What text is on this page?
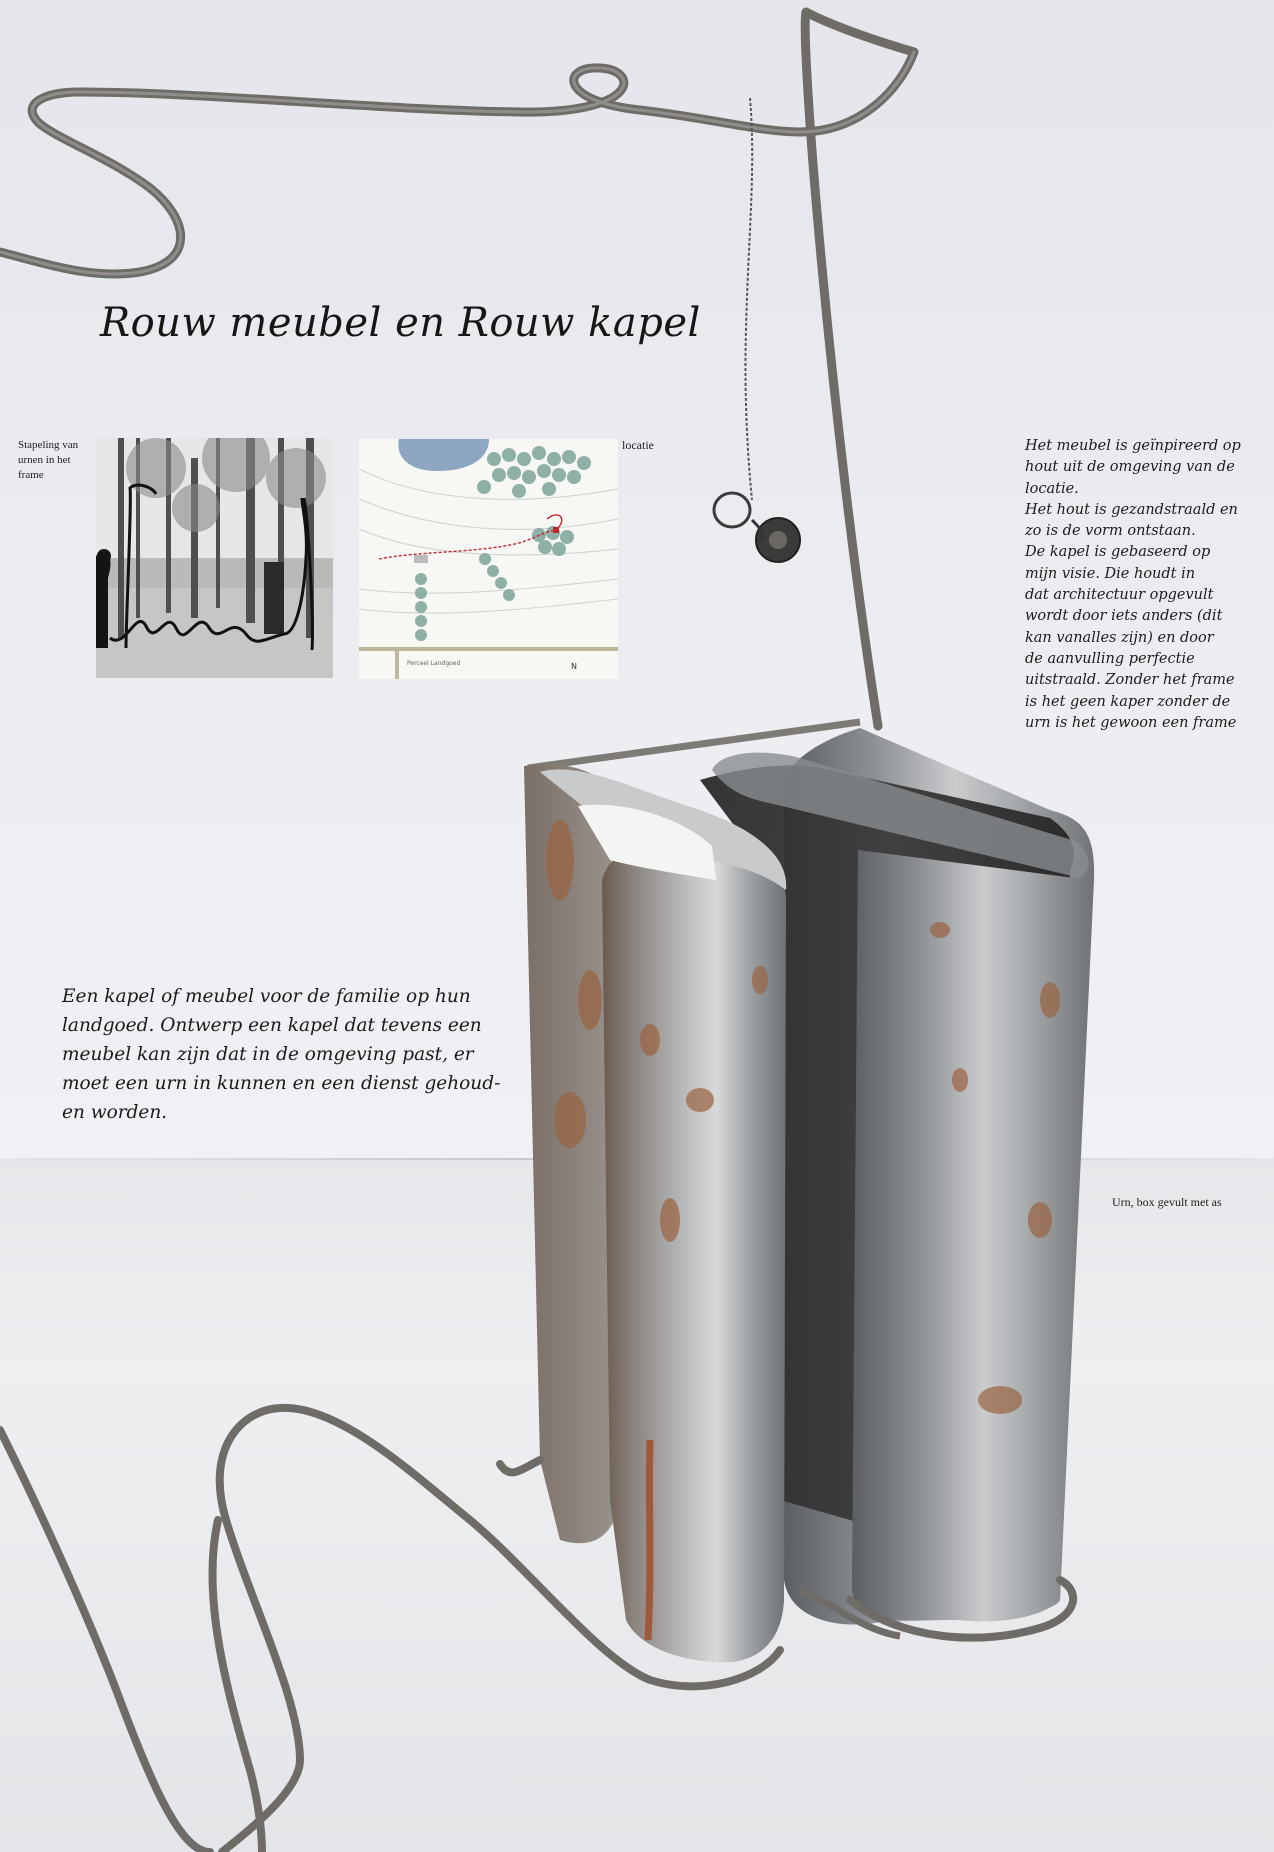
Rouw meubel en Rouw kapel
Stapeling van urnen in het frame
Perceel Landgoed	N
locatie	Het meubel is geïnpireerd op
hout uit de omgeving van de
locatie.
Het hout is gezandstraald en
zo is de vorm ontstaan.
De kapel is gebaseerd op
mijn visie. Die houdt in
dat architectuur opgevult
wordt door iets anders (dit
kan vanalles zijn) en door
de aanvulling perfectie
uitstraald. Zonder het frame
is het geen kaper zonder de
urn is het gewoon een frame
Een kapel of meubel voor de familie op hun
landgoed. Ontwerp een kapel dat tevens een
meubel kan zijn dat in de omgeving past, er
moet een urn in kunnen en een dienst gehoud-
en worden.
Urn, box gevult met as
